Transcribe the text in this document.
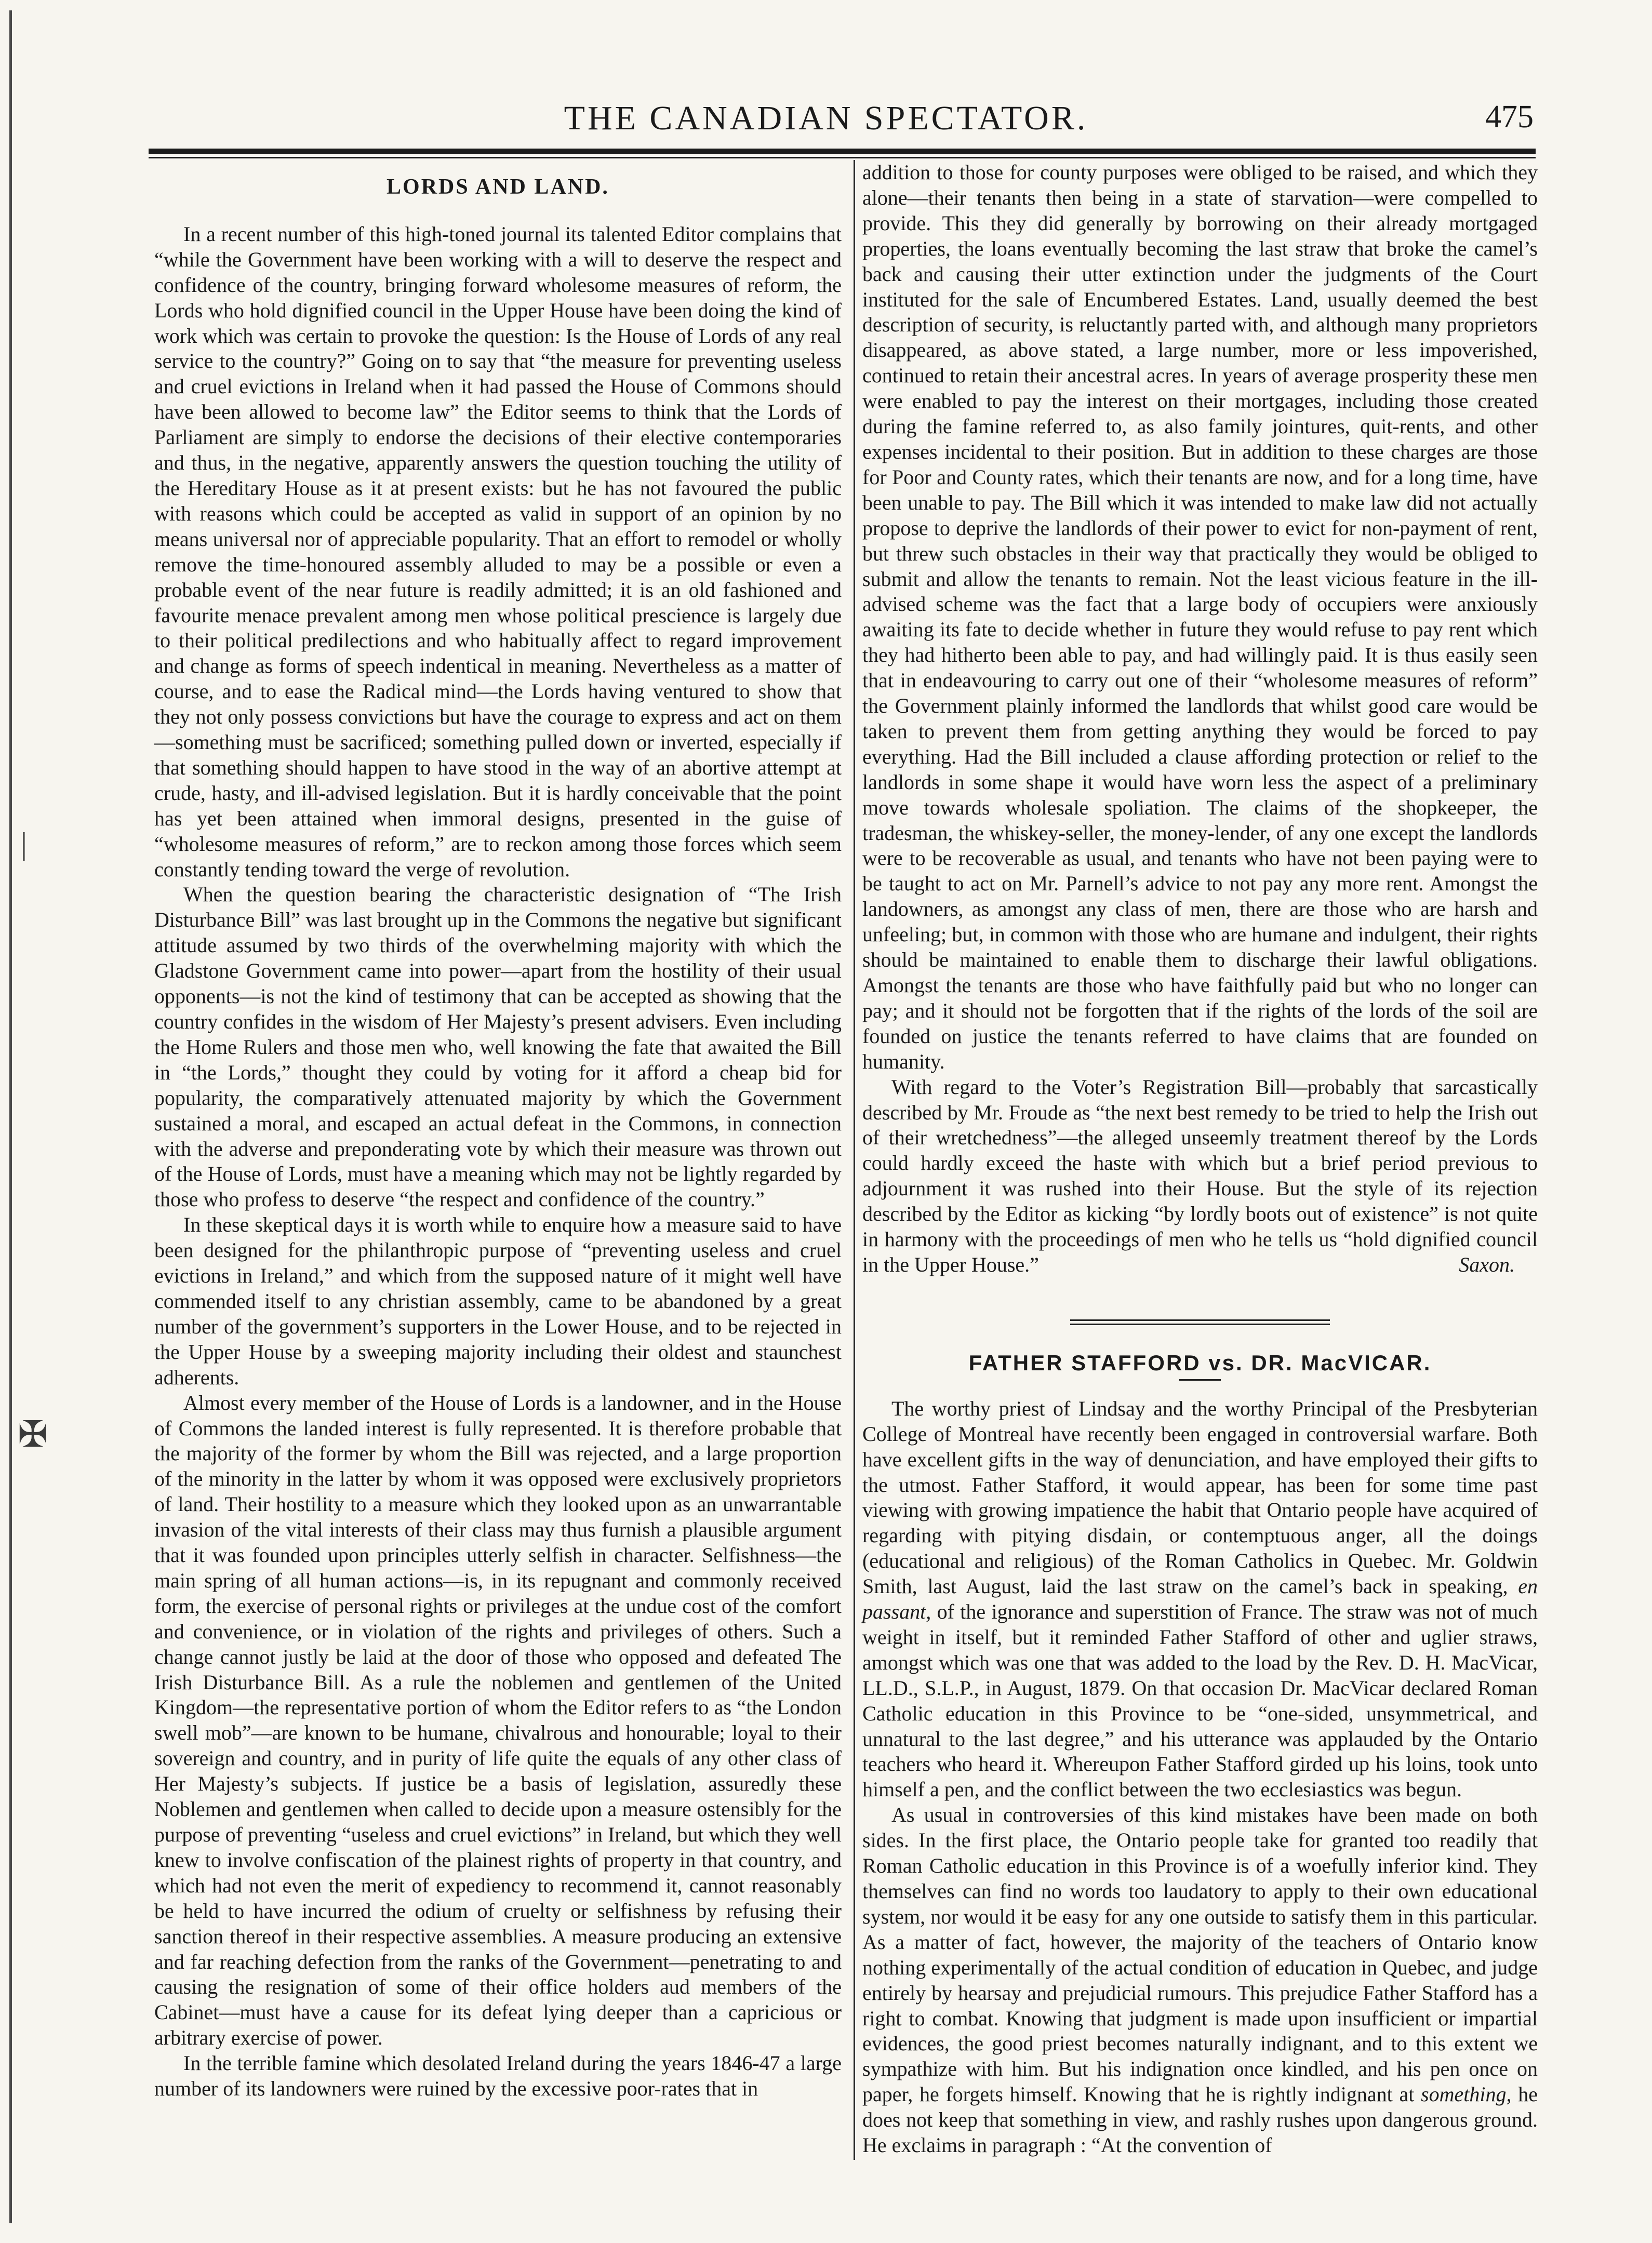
|
✠
THE CANADIAN SPECTATOR.	475
LORDS AND LAND.

In a recent number of this high-toned journal its talented Editor complains that “while the Government have been working with a will to deserve the respect and confidence of the country, bringing forward wholesome measures of reform, the Lords who hold dignified council in the Upper House have been doing the kind of work which was certain to provoke the question: Is the House of Lords of any real service to the country?” Going on to say that “the measure for preventing useless and cruel evictions in Ireland when it had passed the House of Commons should have been allowed to become law” the Editor seems to think that the Lords of Parliament are simply to endorse the decisions of their elective contemporaries and thus, in the negative, apparently answers the question touching the utility of the Hereditary House as it at present exists: but he has not favoured the public with reasons which could be accepted as valid in support of an opinion by no means universal nor of appreciable popularity. That an effort to remodel or wholly remove the time-honoured assembly alluded to may be a possible or even a probable event of the near future is readily admitted; it is an old fashioned and favourite menace prevalent among men whose political prescience is largely due to their political predilections and who habitually affect to regard improvement and change as forms of speech indentical in meaning. Nevertheless as a matter of course, and to ease the Radical mind—the Lords having ventured to show that they not only possess convictions but have the courage to express and act on them—something must be sacrificed; something pulled down or inverted, especially if that something should happen to have stood in the way of an abortive attempt at crude, hasty, and ill-advised legislation. But it is hardly conceivable that the point has yet been attained when immoral designs, presented in the guise of “wholesome measures of reform,” are to reckon among those forces which seem constantly tending toward the verge of revolution.

When the question bearing the characteristic designation of “The Irish Disturbance Bill” was last brought up in the Commons the negative but significant attitude assumed by two thirds of the overwhelming majority with which the Gladstone Government came into power—apart from the hostility of their usual opponents—is not the kind of testimony that can be accepted as showing that the country confides in the wisdom of Her Majesty’s present advisers. Even including the Home Rulers and those men who, well knowing the fate that awaited the Bill in “the Lords,” thought they could by voting for it afford a cheap bid for popularity, the comparatively attenuated majority by which the Government sustained a moral, and escaped an actual defeat in the Commons, in connection with the adverse and preponderating vote by which their measure was thrown out of the House of Lords, must have a meaning which may not be lightly regarded by those who profess to deserve “the respect and confidence of the country.”

In these skeptical days it is worth while to enquire how a measure said to have been designed for the philanthropic purpose of “preventing useless and cruel evictions in Ireland,” and which from the supposed nature of it might well have commended itself to any christian assembly, came to be abandoned by a great number of the government’s supporters in the Lower House, and to be rejected in the Upper House by a sweeping majority including their oldest and staunchest adherents.

Almost every member of the House of Lords is a landowner, and in the House of Commons the landed interest is fully represented. It is therefore probable that the majority of the former by whom the Bill was rejected, and a large proportion of the minority in the latter by whom it was opposed were exclusively proprietors of land. Their hostility to a measure which they looked upon as an unwarrantable invasion of the vital interests of their class may thus furnish a plausible argument that it was founded upon principles utterly selfish in character. Selfishness—the main spring of all human actions—is, in its repugnant and commonly received form, the exercise of personal rights or privileges at the undue cost of the comfort and convenience, or in violation of the rights and privileges of others. Such a change cannot justly be laid at the door of those who opposed and defeated The Irish Disturbance Bill. As a rule the noblemen and gentlemen of the United Kingdom—the representative portion of whom the Editor refers to as “the London swell mob”—are known to be humane, chivalrous and honourable; loyal to their sovereign and country, and in purity of life quite the equals of any other class of Her Majesty’s subjects. If justice be a basis of legislation, assuredly these Noblemen and gentlemen when called to decide upon a measure ostensibly for the purpose of preventing “useless and cruel evictions” in Ireland, but which they well knew to involve confiscation of the plainest rights of property in that country, and which had not even the merit of expediency to recommend it, cannot reasonably be held to have incurred the odium of cruelty or selfishness by refusing their sanction thereof in their respective assemblies. A measure producing an extensive and far reaching defection from the ranks of the Government—penetrating to and causing the resignation of some of their office holders aud members of the Cabinet—must have a cause for its defeat lying deeper than a capricious or arbitrary exercise of power.

In the terrible famine which desolated Ireland during the years 1846-47 a large number of its landowners were ruined by the excessive poor-rates that in

addition to those for county purposes were obliged to be raised, and which they alone—their tenants then being in a state of starvation—were compelled to provide. This they did generally by borrowing on their already mortgaged properties, the loans eventually becoming the last straw that broke the camel’s back and causing their utter extinction under the judgments of the Court instituted for the sale of Encumbered Estates. Land, usually deemed the best description of security, is reluctantly parted with, and although many proprietors disappeared, as above stated, a large number, more or less impoverished, continued to retain their ancestral acres. In years of average prosperity these men were enabled to pay the interest on their mortgages, including those created during the famine referred to, as also family jointures, quit-rents, and other expenses incidental to their position. But in addition to these charges are those for Poor and County rates, which their tenants are now, and for a long time, have been unable to pay. The Bill which it was intended to make law did not actually propose to deprive the landlords of their power to evict for non-payment of rent, but threw such obstacles in their way that practically they would be obliged to submit and allow the tenants to remain. Not the least vicious feature in the ill-advised scheme was the fact that a large body of occupiers were anxiously awaiting its fate to decide whether in future they would refuse to pay rent which they had hitherto been able to pay, and had willingly paid. It is thus easily seen that in endeavouring to carry out one of their “wholesome measures of reform” the Government plainly informed the landlords that whilst good care would be taken to prevent them from getting anything they would be forced to pay everything. Had the Bill included a clause affording protection or relief to the landlords in some shape it would have worn less the aspect of a preliminary move towards wholesale spoliation. The claims of the shopkeeper, the tradesman, the whiskey-seller, the money-lender, of any one except the landlords were to be recoverable as usual, and tenants who have not been paying were to be taught to act on Mr. Parnell’s advice to not pay any more rent. Amongst the landowners, as amongst any class of men, there are those who are harsh and unfeeling; but, in common with those who are humane and indulgent, their rights should be maintained to enable them to discharge their lawful obligations. Amongst the tenants are those who have faithfully paid but who no longer can pay; and it should not be forgotten that if the rights of the lords of the soil are founded on justice the tenants referred to have claims that are founded on humanity.

With regard to the Voter’s Registration Bill—probably that sarcastically described by Mr. Froude as “the next best remedy to be tried to help the Irish out of their wretchedness”—the alleged unseemly treatment thereof by the Lords could hardly exceed the haste with which but a brief period previous to adjournment it was rushed into their House. But the style of its rejection described by the Editor as kicking “by lordly boots out of existence” is not quite in harmony with the proceedings of men who he tells us “hold dignified council in the Upper House.”	Saxon.

FATHER STAFFORD vs. DR. MacVICAR.

The worthy priest of Lindsay and the worthy Principal of the Presbyterian College of Montreal have recently been engaged in controversial warfare. Both have excellent gifts in the way of denunciation, and have employed their gifts to the utmost. Father Stafford, it would appear, has been for some time past viewing with growing impatience the habit that Ontario people have acquired of regarding with pitying disdain, or contemptuous anger, all the doings (educational and religious) of the Roman Catholics in Quebec. Mr. Goldwin Smith, last August, laid the last straw on the camel’s back in speaking, en passant, of the ignorance and superstition of France. The straw was not of much weight in itself, but it reminded Father Stafford of other and uglier straws, amongst which was one that was added to the load by the Rev. D. H. MacVicar, LL.D., S.L.P., in August, 1879. On that occasion Dr. MacVicar declared Roman Catholic education in this Province to be “one-sided, unsymmetrical, and unnatural to the last degree,” and his utterance was applauded by the Ontario teachers who heard it. Whereupon Father Stafford girded up his loins, took unto himself a pen, and the conflict between the two ecclesiastics was begun.

As usual in controversies of this kind mistakes have been made on both sides. In the first place, the Ontario people take for granted too readily that Roman Catholic education in this Province is of a woefully inferior kind. They themselves can find no words too laudatory to apply to their own educational system, nor would it be easy for any one outside to satisfy them in this particular. As a matter of fact, however, the majority of the teachers of Ontario know nothing experimentally of the actual condition of education in Quebec, and judge entirely by hearsay and prejudicial rumours. This prejudice Father Stafford has a right to combat. Knowing that judgment is made upon insufficient or impartial evidences, the good priest becomes naturally indignant, and to this extent we sympathize with him. But his indignation once kindled, and his pen once on paper, he forgets himself. Knowing that he is rightly indignant at something, he does not keep that something in view, and rashly rushes upon dangerous ground. He exclaims in paragraph : “At the convention of
